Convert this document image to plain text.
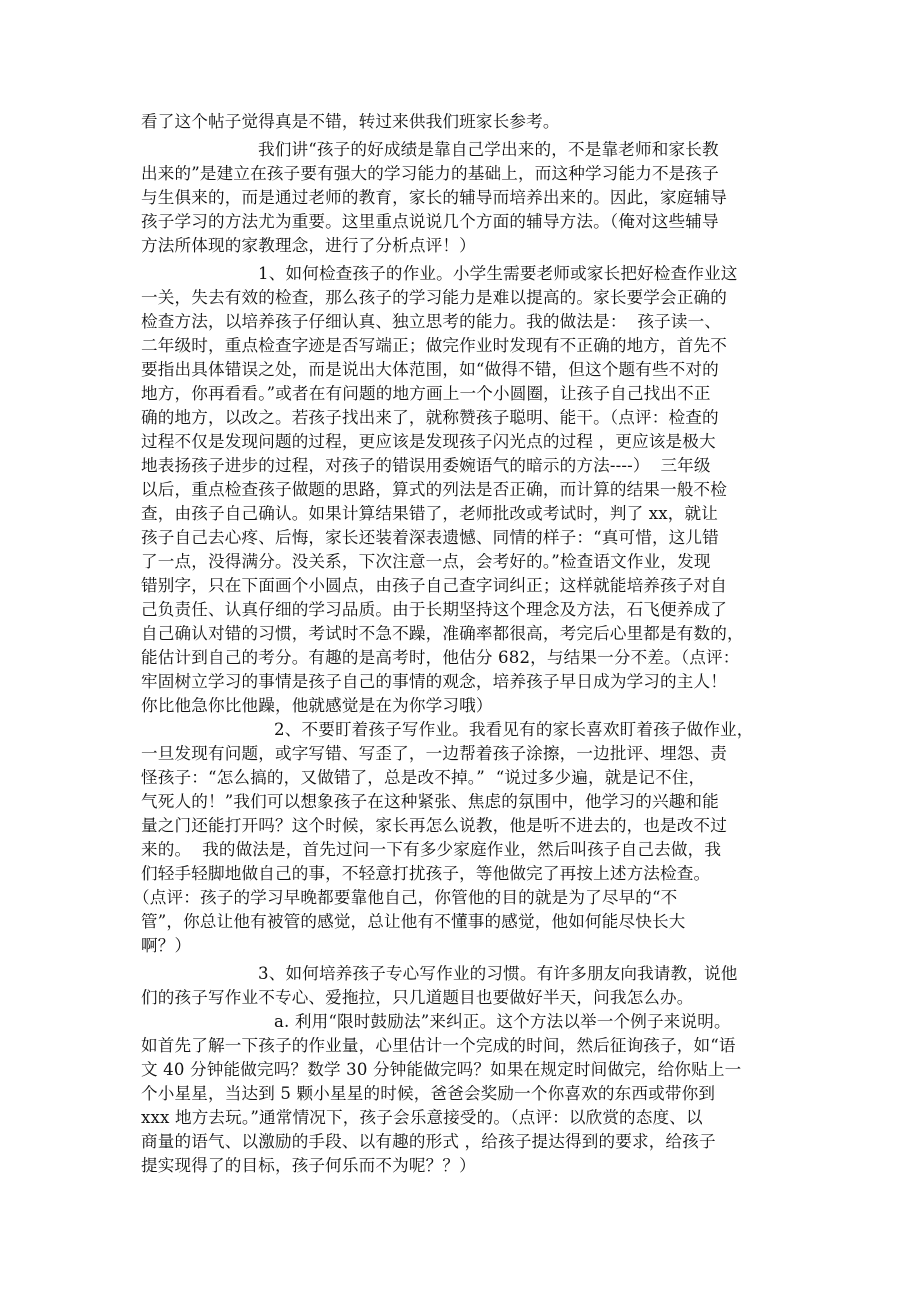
看了这个帖子觉得真是不错，转过来供我们班家长参考。
我们讲“孩子的好成绩是靠自己学出来的，不是靠老师和家长教
出来的”是建立在孩子要有强大的学习能力的基础上，而这种学习能力不是孩子
与生俱来的，而是通过老师的教育，家长的辅导而培养出来的。因此，家庭辅导
孩子学习的方法尤为重要。这里重点说说几个方面的辅导方法。（俺对这些辅导
方法所体现的家教理念，进行了分析点评！）
1、如何检查孩子的作业。小学生需要老师或家长把好检查作业这
一关，失去有效的检查，那么孩子的学习能力是难以提高的。家长要学会正确的
检查方法，以培养孩子仔细认真、独立思考的能力。我的做法是：  孩子读一、
二年级时，重点检查字迹是否写端正；做完作业时发现有不正确的地方，首先不
要指出具体错误之处，而是说出大体范围，如“做得不错，但这个题有些不对的
地方，你再看看。”或者在有问题的地方画上一个小圆圈，让孩子自己找出不正
确的地方，以改之。若孩子找出来了，就称赞孩子聪明、能干。（点评：检查的
过程不仅是发现问题的过程，更应该是发现孩子闪光点的过程 ，更应该是极大
地表扬孩子进步的过程，对孩子的错误用委婉语气的暗示的方法----）  三年级
以后，重点检查孩子做题的思路，算式的列法是否正确，而计算的结果一般不检
查，由孩子自己确认。如果计算结果错了，老师批改或考试时，判了 xx，就让
孩子自己去心疼、后悔，家长还装着深表遗憾、同情的样子：“真可惜，这儿错
了一点，没得满分。没关系，下次注意一点，会考好的。”检查语文作业，发现
错别字，只在下面画个小圆点，由孩子自己查字词纠正；这样就能培养孩子对自
己负责任、认真仔细的学习品质。由于长期坚持这个理念及方法，石飞便养成了
自己确认对错的习惯，考试时不急不躁，准确率都很高，考完后心里都是有数的，
能估计到自己的考分。有趣的是高考时，他估分 682，与结果一分不差。（点评：
牢固树立学习的事情是孩子自己的事情的观念，培养孩子早日成为学习的主人！
你比他急你比他躁，他就感觉是在为你学习哦）
2、不要盯着孩子写作业。我看见有的家长喜欢盯着孩子做作业，
一旦发现有问题，或字写错、写歪了，一边帮着孩子涂擦，一边批评、埋怨、责
怪孩子：“怎么搞的，又做错了，总是改不掉。”  “说过多少遍，就是记不住，
气死人的！”我们可以想象孩子在这种紧张、焦虑的氛围中，他学习的兴趣和能
量之门还能打开吗？这个时候，家长再怎么说教，他是听不进去的，也是改不过
来的。  我的做法是，首先过问一下有多少家庭作业，然后叫孩子自己去做，我
们轻手轻脚地做自己的事，不轻意打扰孩子，等他做完了再按上述方法检查。
（点评：孩子的学习早晚都要靠他自己，你管他的目的就是为了尽早的“不
管”，你总让他有被管的感觉，总让他有不懂事的感觉，他如何能尽快长大
啊？）
3、如何培养孩子专心写作业的习惯。有许多朋友向我请教，说他
们的孩子写作业不专心、爱拖拉，只几道题目也要做好半天，问我怎么办。
a. 利用“限时鼓励法”来纠正。这个方法以举一个例子来说明。
如首先了解一下孩子的作业量，心里估计一个完成的时间，然后征询孩子，如“语
文 40 分钟能做完吗？数学 30 分钟能做完吗？如果在规定时间做完，给你贴上一
个小星星，当达到 5 颗小星星的时候，爸爸会奖励一个你喜欢的东西或带你到
xxx 地方去玩。”通常情况下，孩子会乐意接受的。（点评：以欣赏的态度、以
商量的语气、以激励的手段、以有趣的形式 ，给孩子提达得到的要求，给孩子
提实现得了的目标，孩子何乐而不为呢？？）
